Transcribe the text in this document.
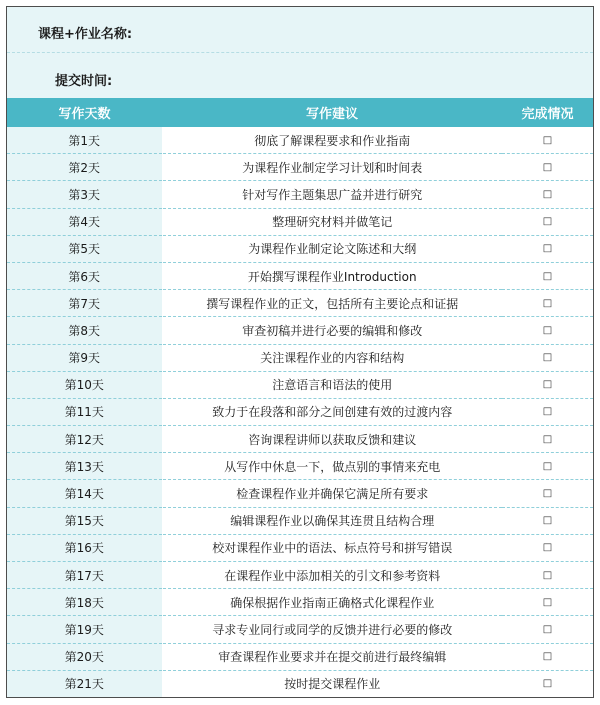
课程+作业名称:
提交时间:
写作天数	写作建议	完成情况
第1天	彻底了解课程要求和作业指南	□
第2天	为课程作业制定学习计划和时间表	□
第3天	针对写作主题集思广益并进行研究	□
第4天	整理研究材料并做笔记	□
第5天	为课程作业制定论文陈述和大纲	□
第6天	开始撰写课程作业Introduction	□
第7天	撰写课程作业的正文，包括所有主要论点和证据	□
第8天	审查初稿并进行必要的编辑和修改	□
第9天	关注课程作业的内容和结构	□
第10天	注意语言和语法的使用	□
第11天	致力于在段落和部分之间创建有效的过渡内容	□
第12天	咨询课程讲师以获取反馈和建议	□
第13天	从写作中休息一下，做点别的事情来充电	□
第14天	检查课程作业并确保它满足所有要求	□
第15天	编辑课程作业以确保其连贯且结构合理	□
第16天	校对课程作业中的语法、标点符号和拼写错误	□
第17天	在课程作业中添加相关的引文和参考资料	□
第18天	确保根据作业指南正确格式化课程作业	□
第19天	寻求专业同行或同学的反馈并进行必要的修改	□
第20天	审查课程作业要求并在提交前进行最终编辑	□
第21天	按时提交课程作业	□
